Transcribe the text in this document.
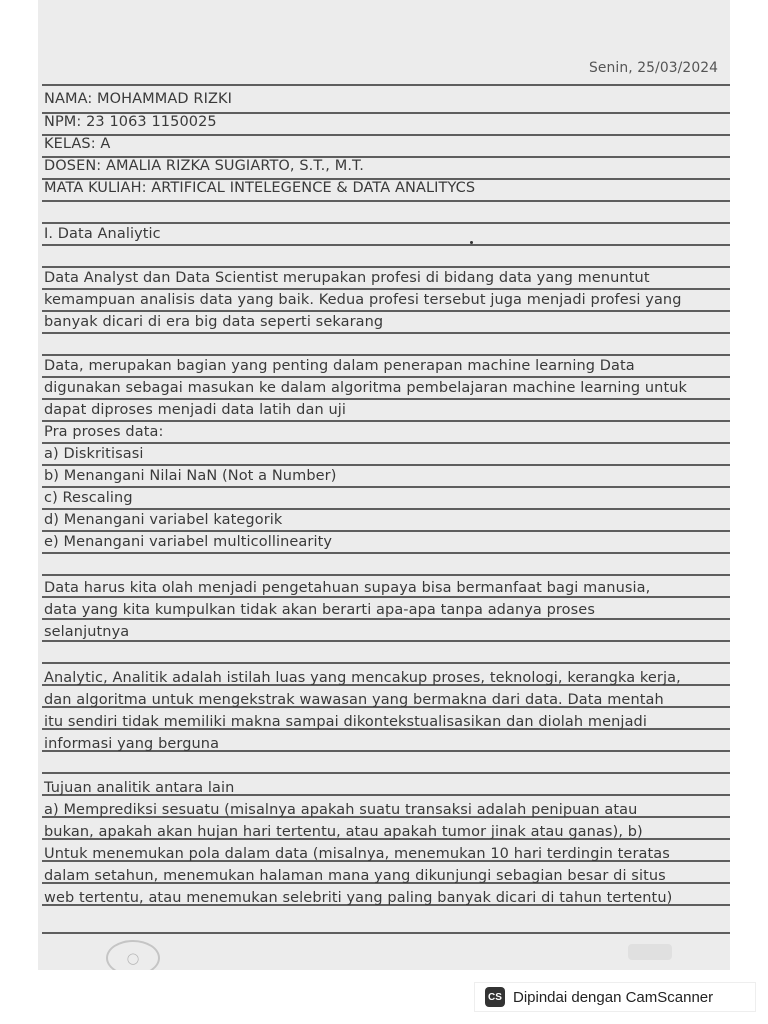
Senin, 25/03/2024
NAMA: MOHAMMAD RIZKI
NPM: 23 1063 1150025
KELAS: A
DOSEN: AMALIA RIZKA SUGIARTO, S.T., M.T.
MATA KULIAH: ARTIFICAL INTELEGENCE & DATA ANALITYCS
I. Data Analiytic
Data Analyst dan Data Scientist merupakan profesi di bidang data yang menuntut
kemampuan analisis data yang baik. Kedua profesi tersebut juga menjadi profesi yang
banyak dicari di era big data seperti sekarang
Data, merupakan bagian yang penting dalam penerapan machine learning Data
digunakan sebagai masukan ke dalam algoritma pembelajaran machine learning untuk
dapat diproses menjadi data latih dan uji
Pra proses data:
a) Diskritisasi
b) Menangani Nilai NaN (Not a Number)
c) Rescaling
d) Menangani variabel kategorik
e) Menangani variabel multicollinearity
Data harus kita olah menjadi pengetahuan supaya bisa bermanfaat bagi manusia,
data yang kita kumpulkan tidak akan berarti apa-apa tanpa adanya proses
selanjutnya
Analytic, Analitik adalah istilah luas yang mencakup proses, teknologi, kerangka kerja,
dan algoritma untuk mengekstrak wawasan yang bermakna dari data. Data mentah
itu sendiri tidak memiliki makna sampai dikontekstualisasikan dan diolah menjadi
informasi yang berguna
Tujuan analitik antara lain
a) Memprediksi sesuatu (misalnya apakah suatu transaksi adalah penipuan atau
bukan, apakah akan hujan hari tertentu, atau apakah tumor jinak atau ganas), b)
Untuk menemukan pola dalam data (misalnya, menemukan 10 hari terdingin teratas
dalam setahun, menemukan halaman mana yang dikunjungi sebagian besar di situs
web tertentu, atau menemukan selebriti yang paling banyak dicari di tahun tertentu)
◯
CS Dipindai dengan CamScanner
